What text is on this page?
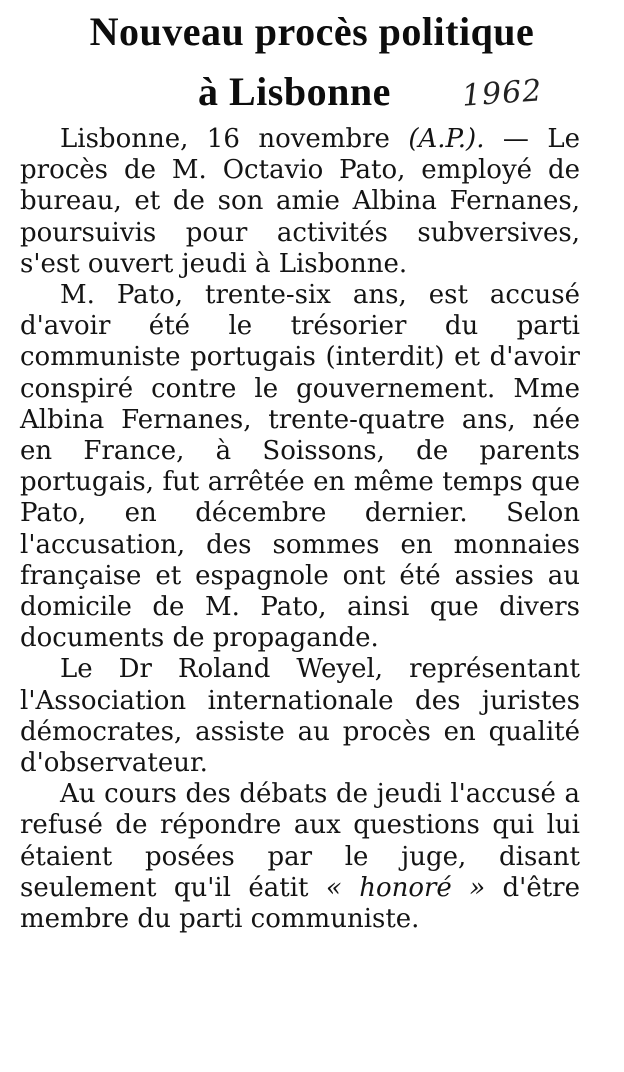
Nouveau procès politique
à Lisbonne	1962

Lisbonne, 16 novembre (A.P.). — Le procès de M. Octavio Pato, employé de bureau, et de son amie Albina Fernanes, poursuivis pour activités subversives, s'est ouvert jeudi à Lisbonne.

M. Pato, trente-six ans, est accusé d'avoir été le trésorier du parti communiste portugais (interdit) et d'avoir conspiré contre le gouvernement. Mme Albina Fernanes, trente-quatre ans, née en France, à Soissons, de parents portugais, fut arrêtée en même temps que Pato, en décembre dernier. Selon l'accusation, des sommes en monnaies française et espagnole ont été assies au domicile de M. Pato, ainsi que divers documents de propagande.

Le Dr Roland Weyel, représentant l'Association internationale des juristes démocrates, assiste au procès en qualité d'observateur.

Au cours des débats de jeudi l'accusé a refusé de répondre aux questions qui lui étaient posées par le juge, disant seulement qu'il éatit « honoré » d'être membre du parti communiste.
